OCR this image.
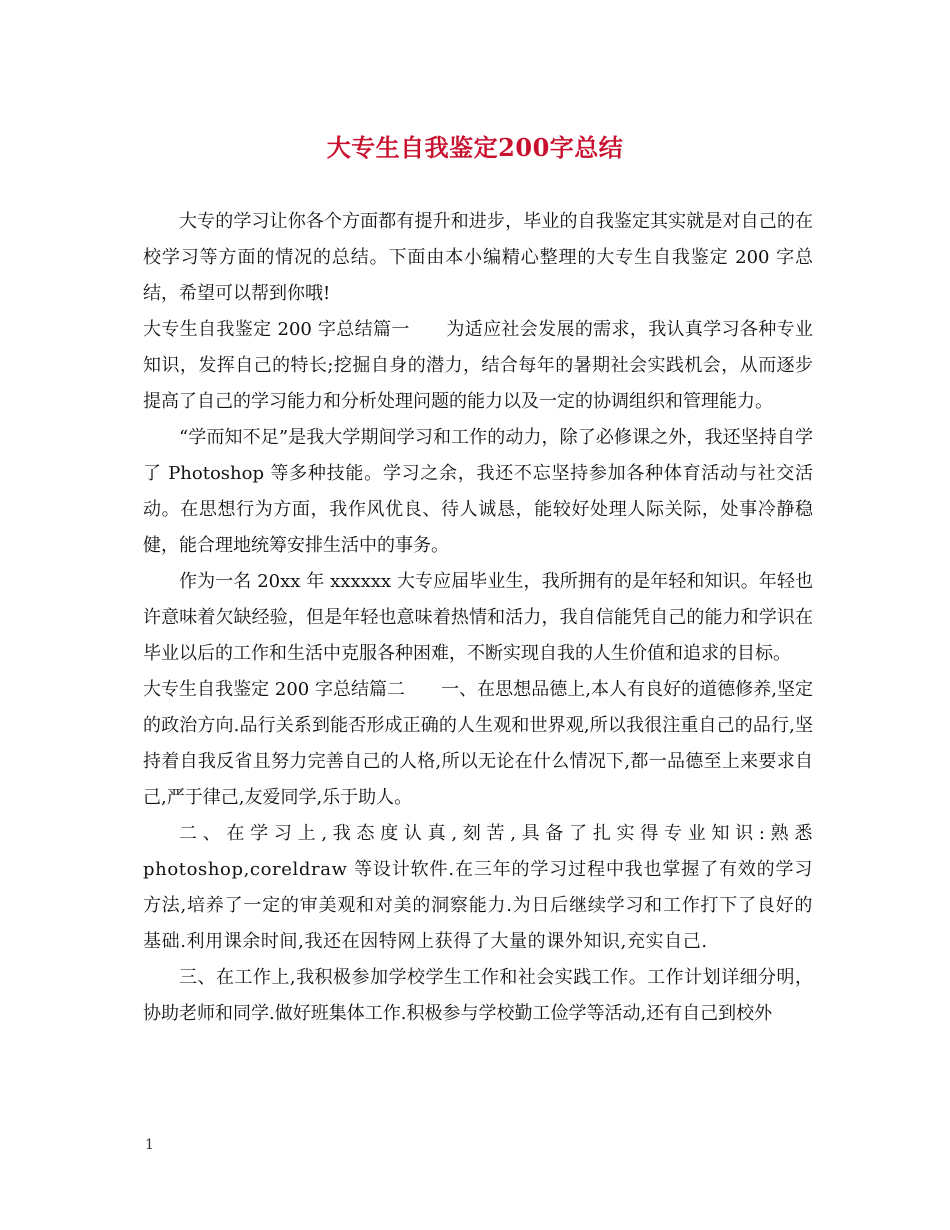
大专生自我鉴定200字总结

大专的学习让你各个方面都有提升和进步，毕业的自我鉴定其实就是对自己的在校学习等方面的情况的总结。下面由本小编精心整理的大专生自我鉴定 200 字总结，希望可以帮到你哦!

大专生自我鉴定 200 字总结篇一　　为适应社会发展的需求，我认真学习各种专业知识，发挥自己的特长;挖掘自身的潜力，结合每年的暑期社会实践机会，从而逐步提高了自己的学习能力和分析处理问题的能力以及一定的协调组织和管理能力。

“学而知不足”是我大学期间学习和工作的动力，除了必修课之外，我还坚持自学了 Photoshop 等多种技能。学习之余，我还不忘坚持参加各种体育活动与社交活动。在思想行为方面，我作风优良、待人诚恳，能较好处理人际关际，处事冷静稳健，能合理地统筹安排生活中的事务。

作为一名 20xx 年 xxxxxx 大专应届毕业生，我所拥有的是年轻和知识。年轻也许意味着欠缺经验，但是年轻也意味着热情和活力，我自信能凭自己的能力和学识在毕业以后的工作和生活中克服各种困难，不断实现自我的人生价值和追求的目标。

大专生自我鉴定 200 字总结篇二　　一、在思想品德上,本人有良好的道德修养,坚定的政治方向.品行关系到能否形成正确的人生观和世界观,所以我很注重自己的品行,坚持着自我反省且努力完善自己的人格,所以无论在什么情况下,都一品德至上来要求自己,严于律己,友爱同学,乐于助人。

二、在学习上,我态度认真,刻苦,具备了扎实得专业知识:熟悉 photoshop,coreldraw 等设计软件.在三年的学习过程中我也掌握了有效的学习方法,培养了一定的审美观和对美的洞察能力.为日后继续学习和工作打下了良好的基础.利用课余时间,我还在因特网上获得了大量的课外知识,充实自己.

三、在工作上,我积极参加学校学生工作和社会实践工作。工作计划详细分明，协助老师和同学.做好班集体工作.积极参与学校勤工俭学等活动,还有自己到校外

1
